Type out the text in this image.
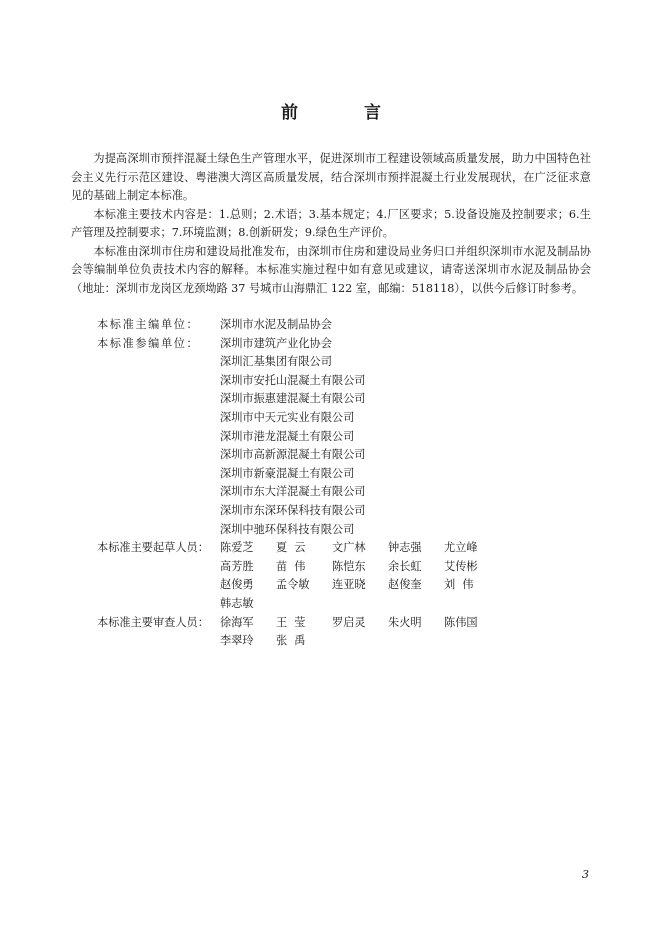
前 言

为提高深圳市预拌混凝土绿色生产管理水平，促进深圳市工程建设领域高质量发展，助力中国特色社会主义先行示范区建设、粤港澳大湾区高质量发展，结合深圳市预拌混凝土行业发展现状，在广泛征求意见的基础上制定本标准。

本标准主要技术内容是：1.总则；2.术语；3.基本规定；4.厂区要求；5.设备设施及控制要求；6.生产管理及控制要求；7.环境监测；8.创新研发；9.绿色生产评价。

本标准由深圳市住房和建设局批准发布，由深圳市住房和建设局业务归口并组织深圳市水泥及制品协会等编制单位负责技术内容的解释。本标准实施过程中如有意见或建议，请寄送深圳市水泥及制品协会（地址：深圳市龙岗区龙颈坳路 37 号城市山海鼎汇 122 室，邮编：518118），以供今后修订时参考。

本标准主编单位：	深圳市水泥及制品协会
本标准参编单位：	深圳市建筑产业化协会
深圳汇基集团有限公司
深圳市安托山混凝土有限公司
深圳市振惠建混凝土有限公司
深圳市中天元实业有限公司
深圳市港龙混凝土有限公司
深圳市高新源混凝土有限公司
深圳市新豪混凝土有限公司
深圳市东大洋混凝土有限公司
深圳市东深环保科技有限公司
深圳中驰环保科技有限公司
本标准主要起草人员： 陈爱芝	夏  云	文广林	钟志强	尤立峰
高芳胜	苗  伟	陈恺东	余长虹	艾传彬
赵俊勇	孟令敏	连亚晓	赵俊奎	刘  伟
韩志敏
本标准主要审查人员： 徐海军	王  莹	罗启灵	朱火明	陈伟国
李翠玲	张  禹
3
